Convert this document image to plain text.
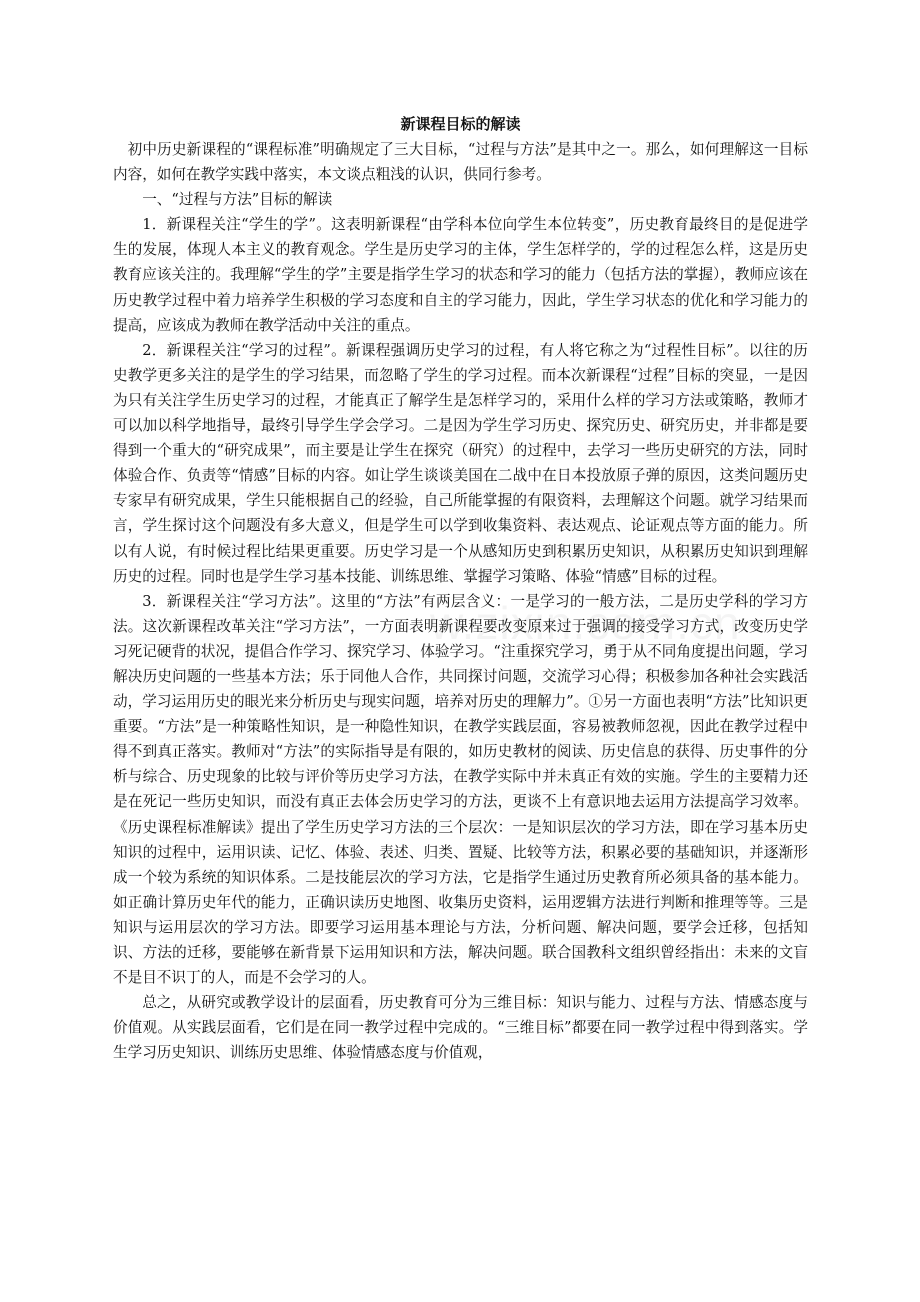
新课程目标的解读

初中历史新课程的“课程标准”明确规定了三大目标，“过程与方法”是其中之一。那么，如何理解这一目标内容，如何在教学实践中落实，本文谈点粗浅的认识，供同行参考。

一、“过程与方法”目标的解读

1．新课程关注“学生的学”。这表明新课程“由学科本位向学生本位转变”，历史教育最终目的是促进学生的发展，体现人本主义的教育观念。学生是历史学习的主体，学生怎样学的，学的过程怎么样，这是历史教育应该关注的。我理解“学生的学”主要是指学生学习的状态和学习的能力（包括方法的掌握），教师应该在历史教学过程中着力培养学生积极的学习态度和自主的学习能力，因此，学生学习状态的优化和学习能力的提高，应该成为教师在教学活动中关注的重点。

2．新课程关注“学习的过程”。新课程强调历史学习的过程，有人将它称之为“过程性目标”。以往的历史教学更多关注的是学生的学习结果，而忽略了学生的学习过程。而本次新课程“过程”目标的突显，一是因为只有关注学生历史学习的过程，才能真正了解学生是怎样学习的，采用什么样的学习方法或策略，教师才可以加以科学地指导，最终引导学生学会学习。二是因为学生学习历史、探究历史、研究历史，并非都是要得到一个重大的“研究成果”，而主要是让学生在探究（研究）的过程中，去学习一些历史研究的方法，同时体验合作、负责等“情感”目标的内容。如让学生谈谈美国在二战中在日本投放原子弹的原因，这类问题历史专家早有研究成果，学生只能根据自己的经验，自己所能掌握的有限资料，去理解这个问题。就学习结果而言，学生探讨这个问题没有多大意义，但是学生可以学到收集资料、表达观点、论证观点等方面的能力。所以有人说，有时候过程比结果更重要。历史学习是一个从感知历史到积累历史知识，从积累历史知识到理解历史的过程。同时也是学生学习基本技能、训练思维、掌握学习策略、体验“情感”目标的过程。

3．新课程关注“学习方法”。这里的“方法”有两层含义：一是学习的一般方法，二是历史学科的学习方法。这次新课程改革关注“学习方法”，一方面表明新课程要改变原来过于强调的接受学习方式，改变历史学习死记硬背的状况，提倡合作学习、探究学习、体验学习。“注重探究学习，勇于从不同角度提出问题，学习解决历史问题的一些基本方法；乐于同他人合作，共同探讨问题，交流学习心得；积极参加各种社会实践活动，学习运用历史的眼光来分析历史与现实问题，培养对历史的理解力”。①另一方面也表明“方法”比知识更重要。“方法”是一种策略性知识，是一种隐性知识，在教学实践层面，容易被教师忽视，因此在教学过程中得不到真正落实。教师对“方法”的实际指导是有限的，如历史教材的阅读、历史信息的获得、历史事件的分析与综合、历史现象的比较与评价等历史学习方法，在教学实际中并未真正有效的实施。学生的主要精力还是在死记一些历史知识，而没有真正去体会历史学习的方法，更谈不上有意识地去运用方法提高学习效率。《历史课程标准解读》提出了学生历史学习方法的三个层次：一是知识层次的学习方法，即在学习基本历史知识的过程中，运用识读、记忆、体验、表述、归类、置疑、比较等方法，积累必要的基础知识，并逐渐形成一个较为系统的知识体系。二是技能层次的学习方法，它是指学生通过历史教育所必须具备的基本能力。如正确计算历史年代的能力，正确识读历史地图、收集历史资料，运用逻辑方法进行判断和推理等等。三是知识与运用层次的学习方法。即要学习运用基本理论与方法，分析问题、解决问题，要学会迁移，包括知识、方法的迁移，要能够在新背景下运用知识和方法，解决问题。联合国教科文组织曾经指出：未来的文盲不是目不识丁的人，而是不会学习的人。

总之，从研究或教学设计的层面看，历史教育可分为三维目标：知识与能力、过程与方法、情感态度与价值观。从实践层面看，它们是在同一教学过程中完成的。“三维目标”都要在同一教学过程中得到落实。学生学习历史知识、训练历史思维、体验情感态度与价值观，
